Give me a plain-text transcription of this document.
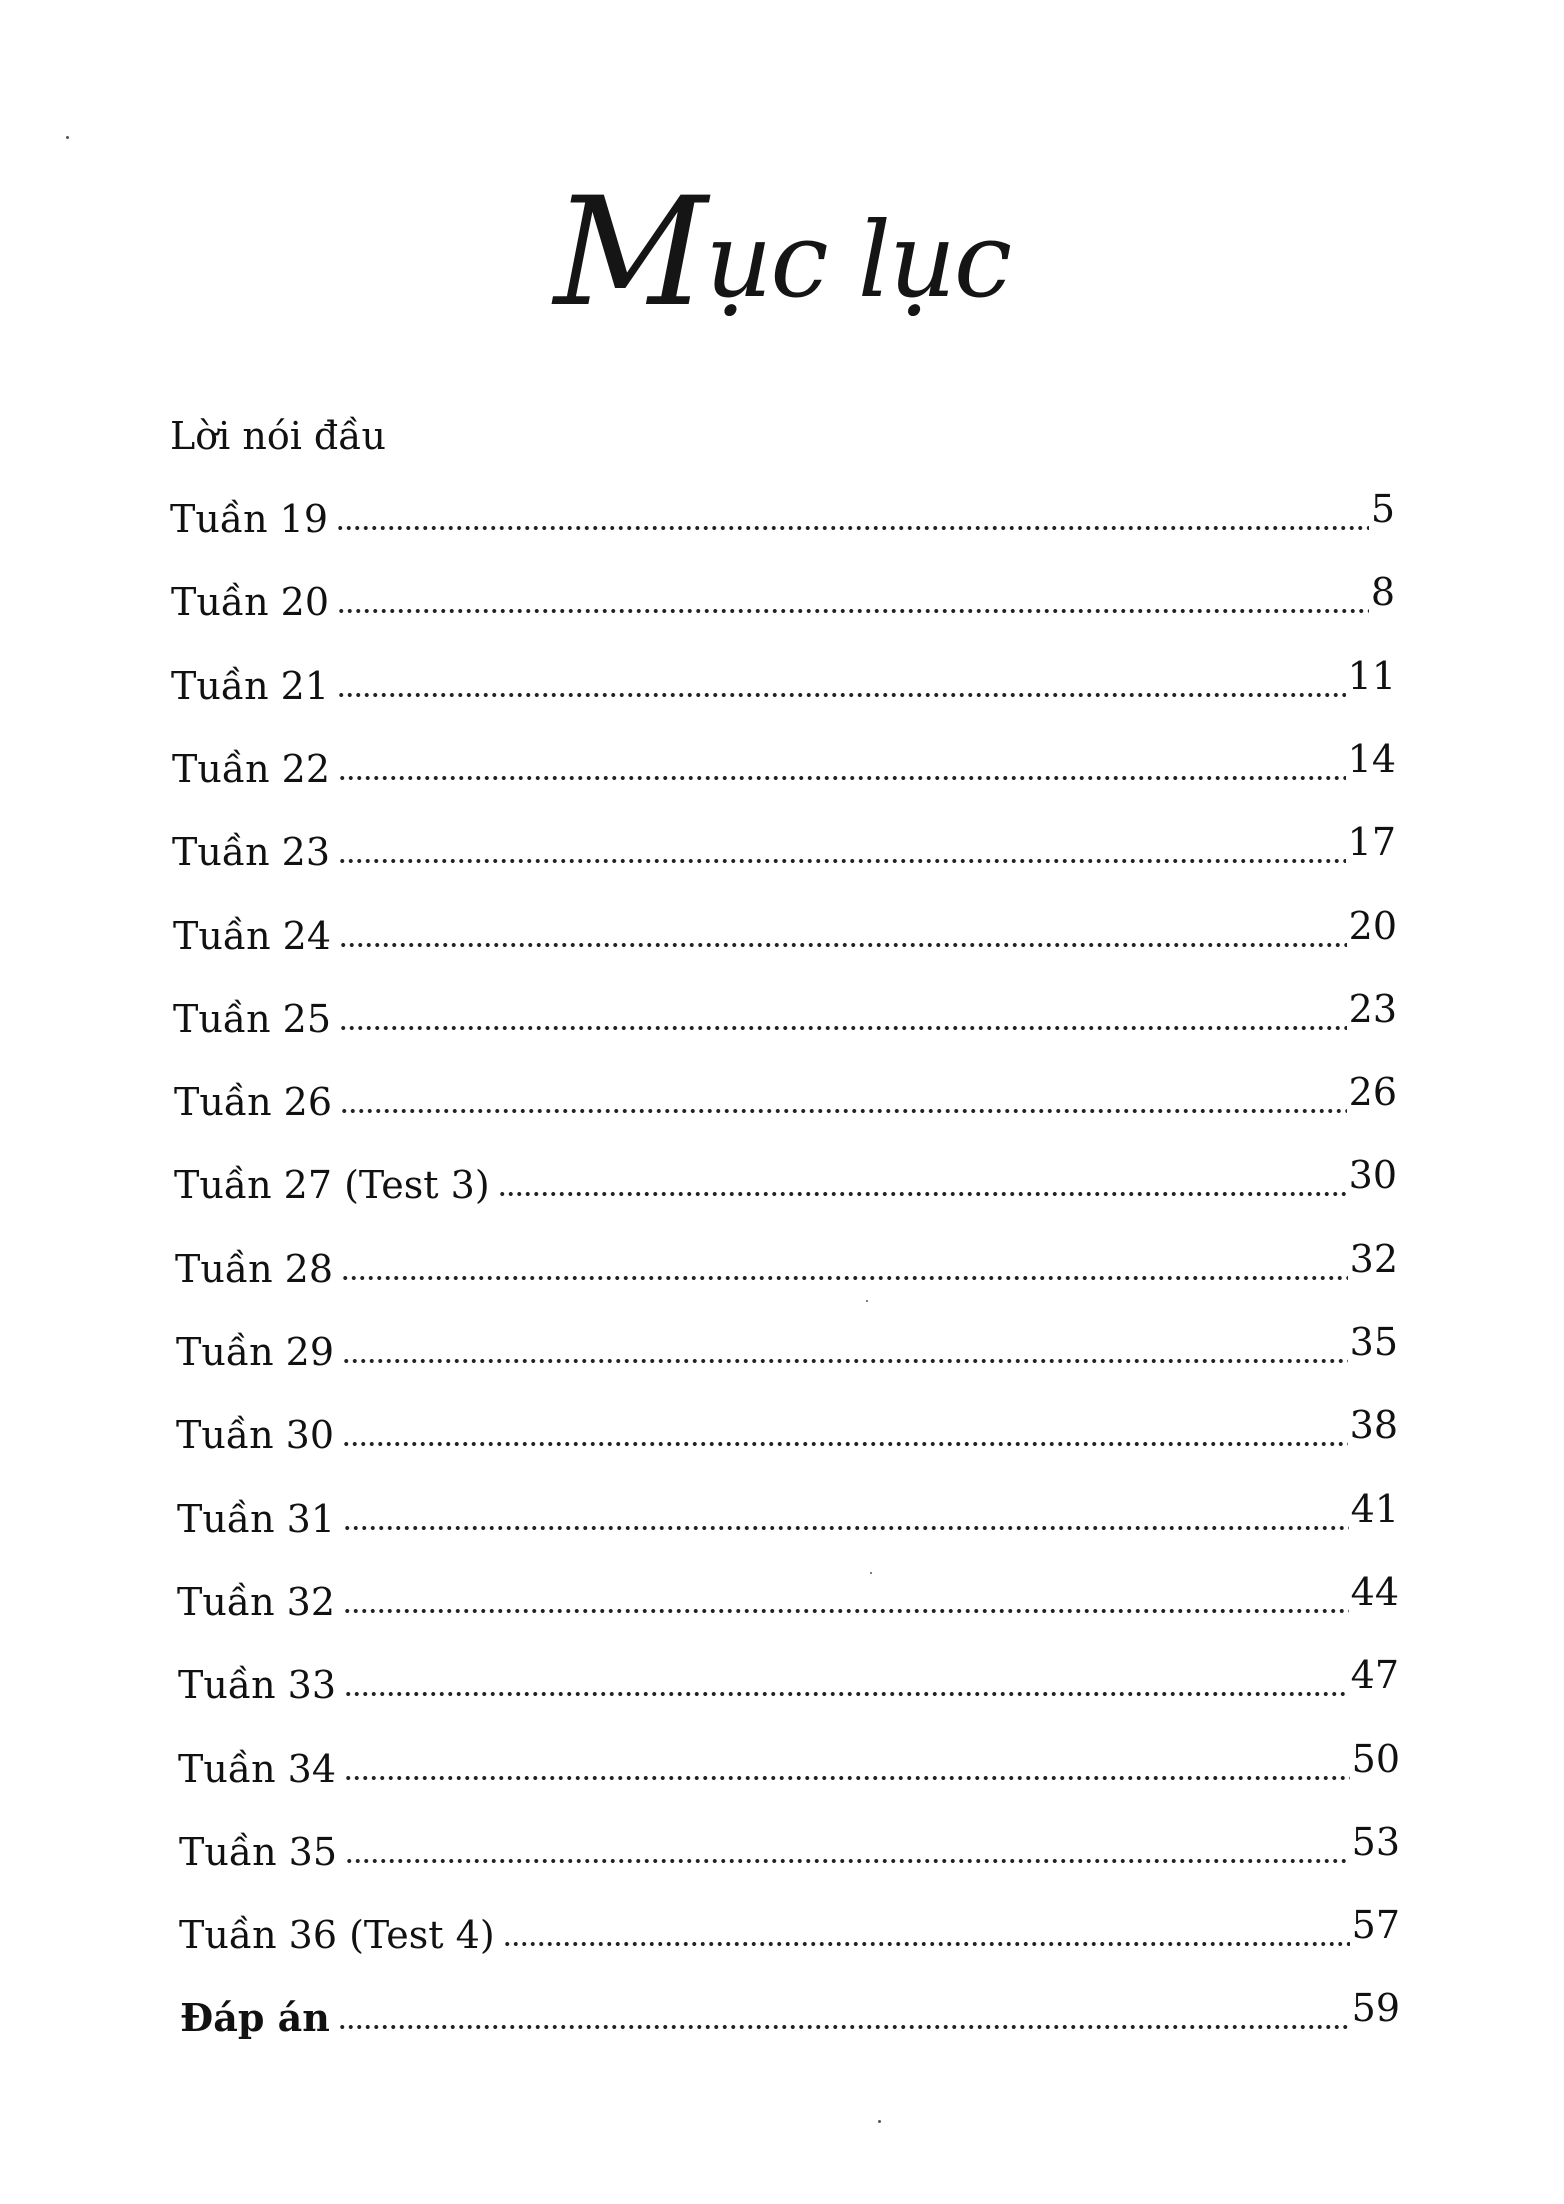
Mục lục
Lời nói đầu
Tuần 19	5
Tuần 20	8
Tuần 21	11
Tuần 22	14
Tuần 23	17
Tuần 24	20
Tuần 25	23
Tuần 26	26
Tuần 27 (Test 3)	30
Tuần 28	32
Tuần 29	35
Tuần 30	38
Tuần 31	41
Tuần 32	44
Tuần 33	47
Tuần 34	50
Tuần 35	53
Tuần 36 (Test 4)	57
Đáp án	59
